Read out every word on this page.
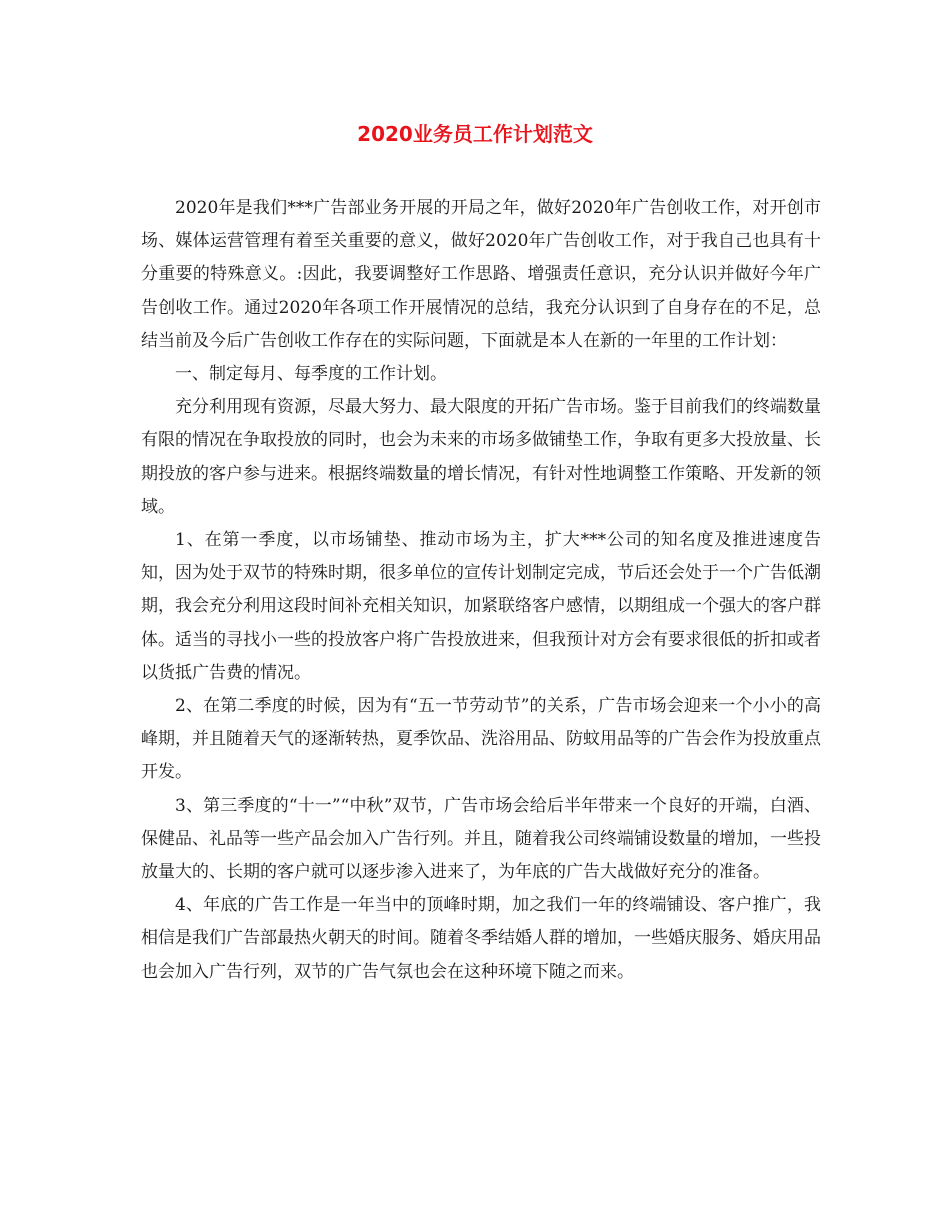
2020业务员工作计划范文

2020年是我们***广告部业务开展的开局之年，做好2020年广告创收工作，对开创市场、媒体运营管理有着至关重要的意义，做好2020年广告创收工作，对于我自己也具有十分重要的特殊意义。:因此，我要调整好工作思路、增强责任意识，充分认识并做好今年广告创收工作。通过2020年各项工作开展情况的总结，我充分认识到了自身存在的不足，总结当前及今后广告创收工作存在的实际问题，下面就是本人在新的一年里的工作计划：

一、制定每月、每季度的工作计划。

充分利用现有资源，尽最大努力、最大限度的开拓广告市场。鉴于目前我们的终端数量有限的情况在争取投放的同时，也会为未来的市场多做铺垫工作，争取有更多大投放量、长期投放的客户参与进来。根据终端数量的增长情况，有针对性地调整工作策略、开发新的领域。

1、在第一季度，以市场铺垫、推动市场为主，扩大***公司的知名度及推进速度告知，因为处于双节的特殊时期，很多单位的宣传计划制定完成，节后还会处于一个广告低潮期，我会充分利用这段时间补充相关知识，加紧联络客户感情，以期组成一个强大的客户群体。适当的寻找小一些的投放客户将广告投放进来，但我预计对方会有要求很低的折扣或者以货抵广告费的情况。

2、在第二季度的时候，因为有“五一节劳动节”的关系，广告市场会迎来一个小小的高峰期，并且随着天气的逐渐转热，夏季饮品、洗浴用品、防蚊用品等的广告会作为投放重点开发。

3、第三季度的“十一”“中秋”双节，广告市场会给后半年带来一个良好的开端，白酒、保健品、礼品等一些产品会加入广告行列。并且，随着我公司终端铺设数量的增加，一些投放量大的、长期的客户就可以逐步渗入进来了，为年底的广告大战做好充分的准备。

4、年底的广告工作是一年当中的顶峰时期，加之我们一年的终端铺设、客户推广，我相信是我们广告部最热火朝天的时间。随着冬季结婚人群的增加，一些婚庆服务、婚庆用品也会加入广告行列，双节的广告气氛也会在这种环境下随之而来。
